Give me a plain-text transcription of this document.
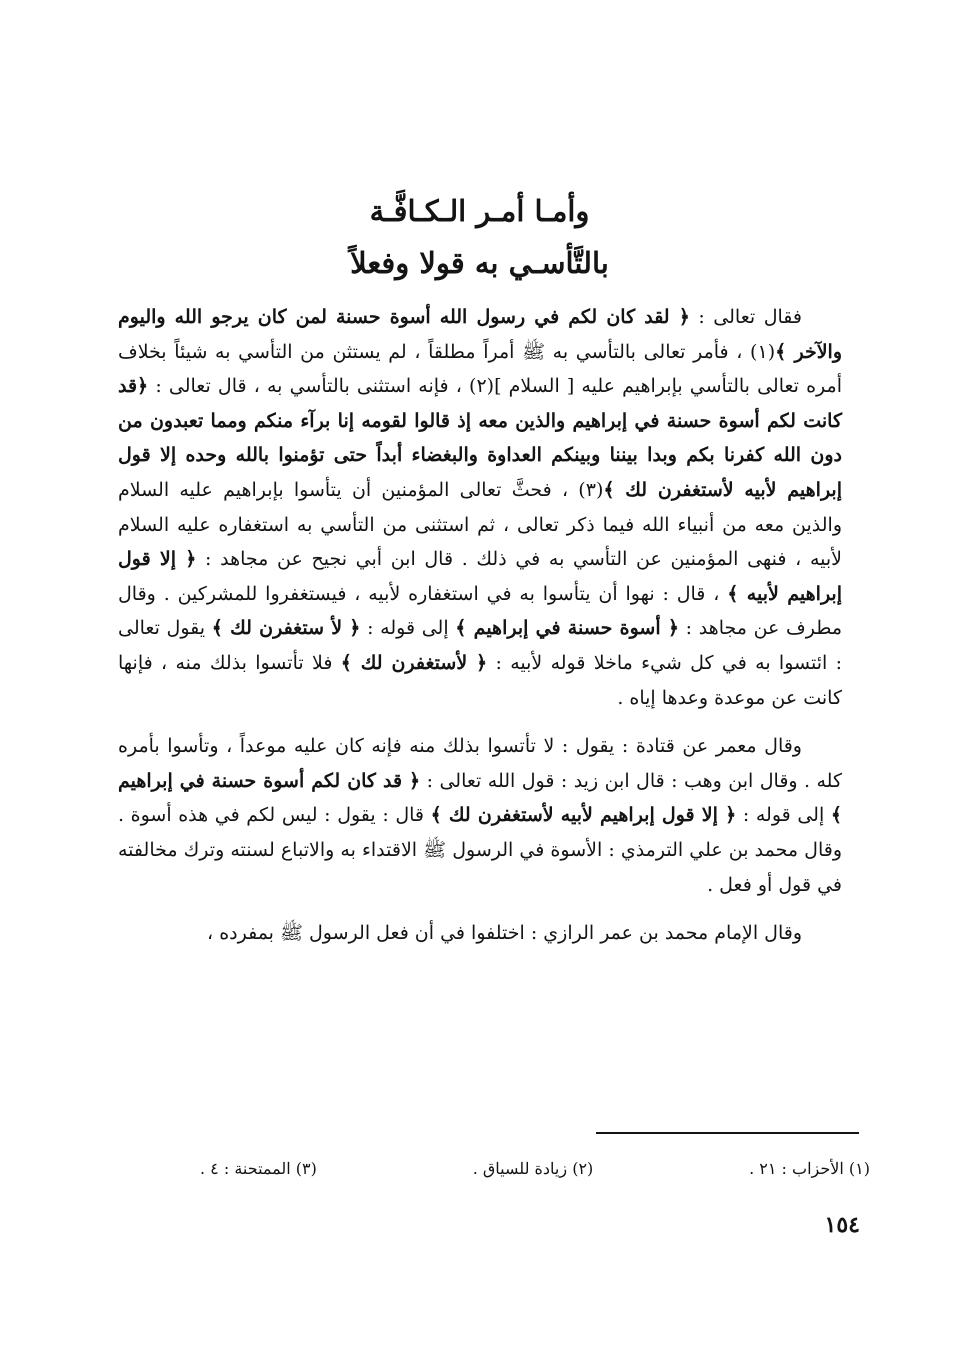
وأمـا أمـر الـكـافَّـة
بالتَّأسـي به قولا وفعلاً

فقال تعالى : ﴿ لقد كان لكم في رسول الله أسوة حسنة لمن كان يرجو الله واليوم والآخر ﴾(١) ، فأمر تعالى بالتأسي به ﷺ أمراً مطلقاً ، لم يستثن من التأسي به شيئاً بخلاف أمره تعالى بالتأسي بإبراهيم عليه [ السلام ](٢) ، فإنه استثنى بالتأسي به ، قال تعالى : ﴿قد كانت لكم أسوة حسنة في إبراهيم والذين معه إذ قالوا لقومه إنا برآء منكم ومما تعبدون من دون الله كفرنا بكم وبدا بيننا وبينكم العداوة والبغضاء أبداً حتى تؤمنوا بالله وحده إلا قول إبراهيم لأبيه لأستغفرن لك ﴾(٣) ، فحثَّ تعالى المؤمنين أن يتأسوا بإبراهيم عليه السلام والذين معه من أنبياء الله فيما ذكر تعالى ، ثم استثنى من التأسي به استغفاره عليه السلام لأبيه ، فنهى المؤمنين عن التأسي به في ذلك . قال ابن أبي نجيح عن مجاهد : ﴿ إلا قول إبراهيم لأبيه ﴾ ، قال : نهوا أن يتأسوا به في استغفاره لأبيه ، فيستغفروا للمشركين . وقال مطرف عن مجاهد : ﴿ أسوة حسنة في إبراهيم ﴾ إلى قوله : ﴿ لأ ستغفرن لك ﴾ يقول تعالى : ائتسوا به في كل شيء ماخلا قوله لأبيه : ﴿ لأستغفرن لك ﴾ فلا تأتسوا بذلك منه ، فإنها كانت عن موعدة وعدها إياه .

وقال معمر عن قتادة : يقول : لا تأتسوا بذلك منه فإنه كان عليه موعداً ، وتأسوا بأمره كله . وقال ابن وهب : قال ابن زيد : قول الله تعالى : ﴿ قد كان لكم أسوة حسنة في إبراهيم ﴾ إلى قوله : ﴿ إلا قول إبراهيم لأبيه لأستغفرن لك ﴾ قال : يقول : ليس لكم في هذه أسوة . وقال محمد بن علي الترمذي : الأسوة في الرسول ﷺ الاقتداء به والاتباع لسنته وترك مخالفته في قول أو فعل .

وقال الإمام محمد بن عمر الرازي : اختلفوا في أن فعل الرسول ﷺ بمفرده ،

(١) الأحزاب : ٢١ .
(٢) زيادة للسياق .
(٣) الممتحنة : ٤ .
١٥٤
